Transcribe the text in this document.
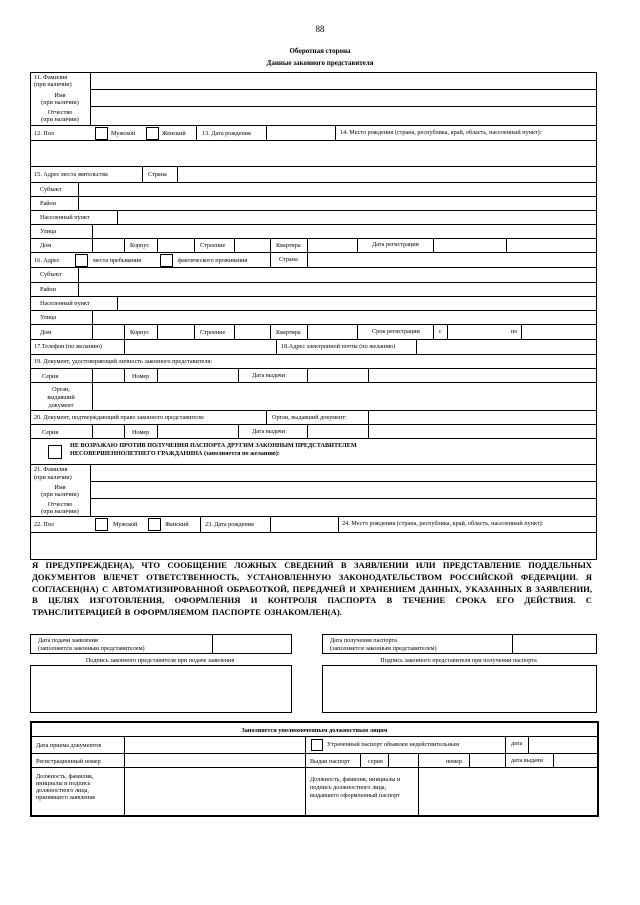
88
Оборотная сторона
Данные законного представителя
11. Фамилия
(при наличии)
Имя
(при наличии)
Отчество
(при наличии)
12. Пол	Мужской	Женский	13. Дата рождения	14. Место рождения (страна, республика, край, область, населенный пункт):
15. Адрес места жительства	Страна
Субъект
Район
Населенный пункт
Улица
Дом	Корпус	Строение	Квартира	Дата регистрации
16. Адрес	места пребывания	фактического проживания	Страна
Субъект
Район
Населенный пункт
Улица
Дом	Корпус	Строение	Квартира	Срок регистрации	с	по
17.Телефон (по желанию)	18.Адрес электронной почты (по желанию)
19. Документ, удостоверяющий личность законного представителя:
Серия	Номер	Дата выдачи
Орган,
выдавший
документ
20. Документ, подтверждающий право законного представителя:	Орган, выдавший документ:
Серия	Номер	Дата выдачи
НЕ ВОЗРАЖАЮ ПРОТИВ ПОЛУЧЕНИЯ ПАСПОРТА ДРУГИМ ЗАКОННЫМ ПРЕДСТАВИТЕЛЕМ
НЕСОВЕРШЕННОЛЕТНЕГО ГРАЖДАНИНА (заполняется по желанию):
21. Фамилия
(при наличии)
Имя
(при наличии)
Отчество
(при наличии)
22. Пол	Мужской	Женский	23. Дата рождения	24. Место рождения (страна, республика, край, область, населенный пункт):
Я ПРЕДУПРЕЖДЕН(А), ЧТО СООБЩЕНИЕ ЛОЖНЫХ СВЕДЕНИЙ В ЗАЯВЛЕНИИ ИЛИ ПРЕДСТАВЛЕНИЕ ПОДДЕЛЬНЫХ ДОКУМЕНТОВ ВЛЕЧЕТ ОТВЕТСТВЕННОСТЬ, УСТАНОВЛЕННУЮ ЗАКОНОДАТЕЛЬСТВОМ РОССИЙСКОЙ ФЕДЕРАЦИИ. Я СОГЛАСЕН(НА) С АВТОМАТИЗИРОВАННОЙ ОБРАБОТКОЙ, ПЕРЕДАЧЕЙ И ХРАНЕНИЕМ ДАННЫХ, УКАЗАННЫХ В ЗАЯВЛЕНИИ, В ЦЕЛЯХ ИЗГОТОВЛЕНИЯ, ОФОРМЛЕНИЯ И КОНТРОЛЯ ПАСПОРТА В ТЕЧЕНИЕ СРОКА ЕГО ДЕЙСТВИЯ. С ТРАНСЛИТЕРАЦИЕЙ В ОФОРМЛЯЕМОМ ПАСПОРТЕ ОЗНАКОМЛЕН(А).
Дата подачи заявления
(заполняется законным представителем)
Дата получения паспорта
(заполняется законным представителем)
Подпись законного представителя при подаче заявления	Подпись законного представителя при получении паспорта
Заполняется уполномоченным должностным лицом
Дата приема документов	Утраченный паспорт объявлен недействительным	дата
Регистрационный номер	Выдан паспорт	серия	номер	дата выдачи
Должность, фамилия,
инициалы и подпись
должностного лица,
принявшего заявление
Должность, фамилия, инициалы и
подпись должностного лица,
выдавшего оформленный паспорт
